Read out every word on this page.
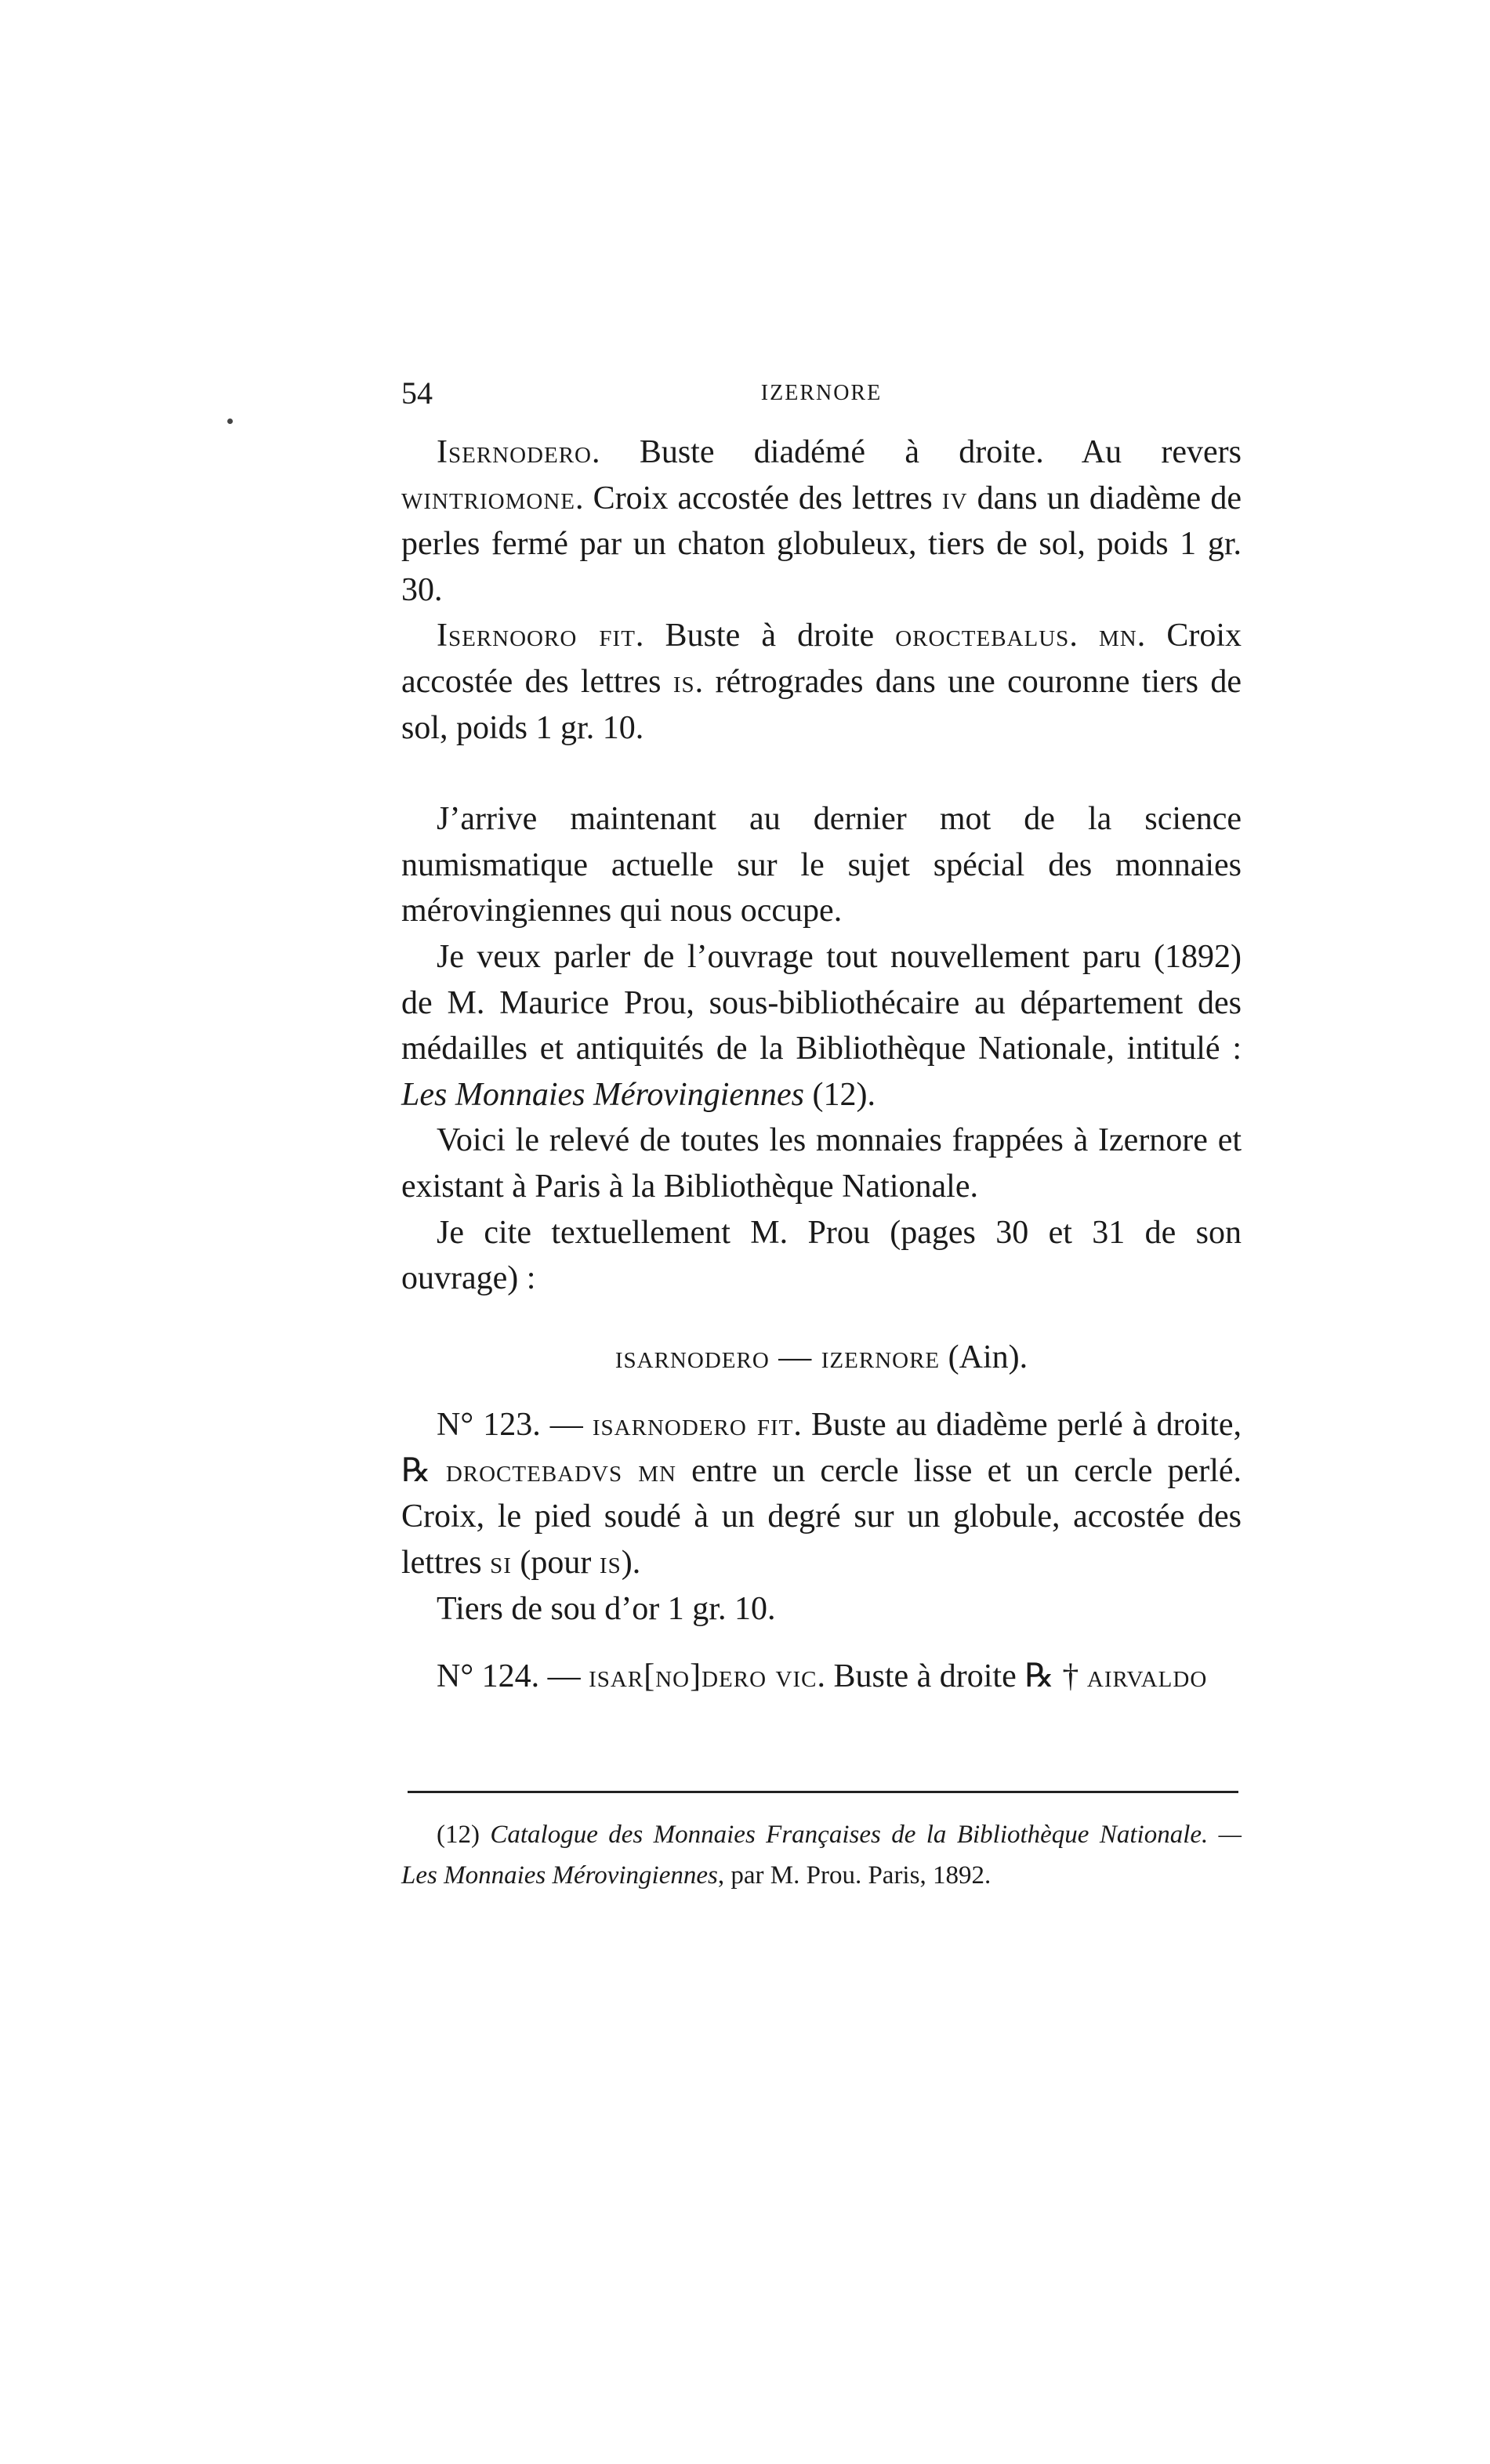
54	IZERNORE

Isernodero. Buste diadémé à droite. Au revers wintriomone. Croix accostée des lettres iv dans un diadème de perles fermé par un chaton globuleux, tiers de sol, poids 1 gr. 30.

Isernooro fit. Buste à droite oroctebalus. mn. Croix accostée des lettres is. rétrogrades dans une couronne tiers de sol, poids 1 gr. 10.

J’arrive maintenant au dernier mot de la science numismatique actuelle sur le sujet spécial des monnaies mérovingiennes qui nous occupe.

Je veux parler de l’ouvrage tout nouvellement paru (1892) de M. Maurice Prou, sous-bibliothécaire au département des médailles et antiquités de la Bibliothèque Nationale, intitulé : Les Monnaies Mérovingiennes (12).

Voici le relevé de toutes les monnaies frappées à Izernore et existant à Paris à la Bibliothèque Nationale.

Je cite textuellement M. Prou (pages 30 et 31 de son ouvrage) :

isarnodero — izernore (Ain).

N° 123. — isarnodero fit. Buste au diadème perlé à droite, ℞ droctebadvs mn entre un cercle lisse et un cercle perlé. Croix, le pied soudé à un degré sur un globule, accostée des lettres si (pour is).

Tiers de sou d’or 1 gr. 10.

N° 124. — isar[no]dero vic. Buste à droite ℞ † airvaldo

(12) Catalogue des Monnaies Françaises de la Bibliothèque Nationale. — Les Monnaies Mérovingiennes, par M. Prou. Paris, 1892.
